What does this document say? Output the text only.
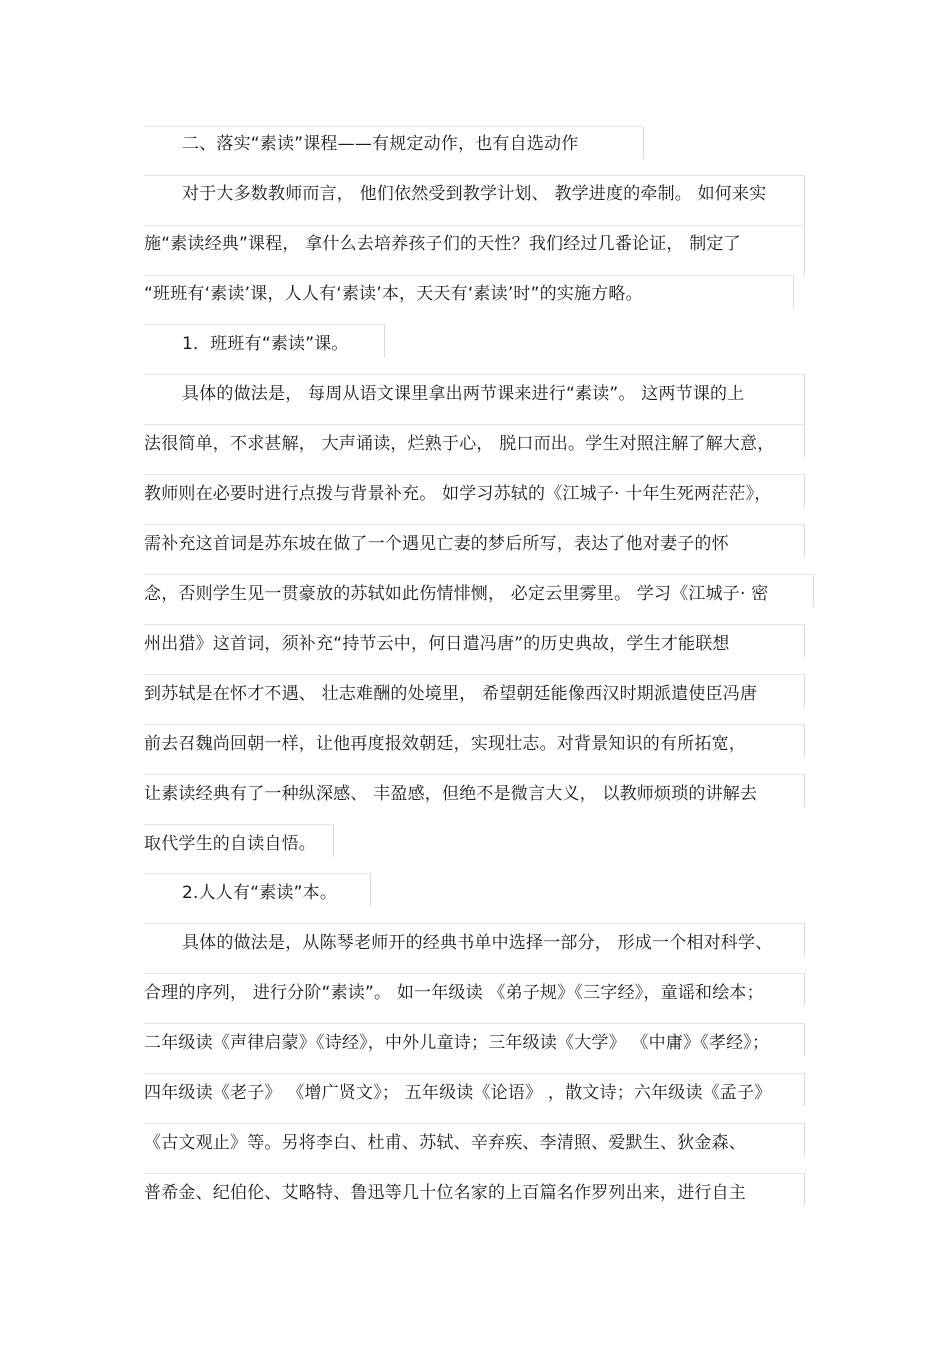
二、落实“素读”课程——有规定动作，也有自选动作
对于大多数教师而言， 他们依然受到教学计划、 教学进度的牵制。 如何来实
施“素读经典”课程， 拿什么去培养孩子们的天性？我们经过几番论证， 制定了
“班班有‘素读’课，人人有‘素读’本，天天有‘素读’时”的实施方略。
1．班班有“素读”课。
具体的做法是， 每周从语文课里拿出两节课来进行“素读”。 这两节课的上
法很简单，不求甚解， 大声诵读，烂熟于心， 脱口而出。学生对照注解了解大意，
教师则在必要时进行点拨与背景补充。 如学习苏轼的《江城子· 十年生死两茫茫》，
需补充这首词是苏东坡在做了一个遇见亡妻的梦后所写，表达了他对妻子的怀
念，否则学生见一贯豪放的苏轼如此伤情悱恻， 必定云里雾里。 学习《江城子· 密
州出猎》这首词，须补充“持节云中，何日遣冯唐”的历史典故，学生才能联想
到苏轼是在怀才不遇、 壮志难酬的处境里， 希望朝廷能像西汉时期派遣使臣冯唐
前去召魏尚回朝一样，让他再度报效朝廷，实现壮志。对背景知识的有所拓宽，
让素读经典有了一种纵深感、 丰盈感，但绝不是微言大义， 以教师烦琐的讲解去
取代学生的自读自悟。
2.人人有“素读”本。
具体的做法是，从陈琴老师开的经典书单中选择一部分， 形成一个相对科学、
合理的序列， 进行分阶“素读”。 如一年级读 《弟子规》《三字经》，童谣和绘本；
二年级读《声律启蒙》《诗经》，中外儿童诗；三年级读《大学》 《中庸》《孝经》；
四年级读《老子》 《增广贤文》； 五年级读《论语》 ，散文诗；六年级读《孟子》
《古文观止》等。另将李白、杜甫、苏轼、辛弃疾、李清照、爱默生、狄金森、
普希金、纪伯伦、艾略特、鲁迅等几十位名家的上百篇名作罗列出来，进行自主
